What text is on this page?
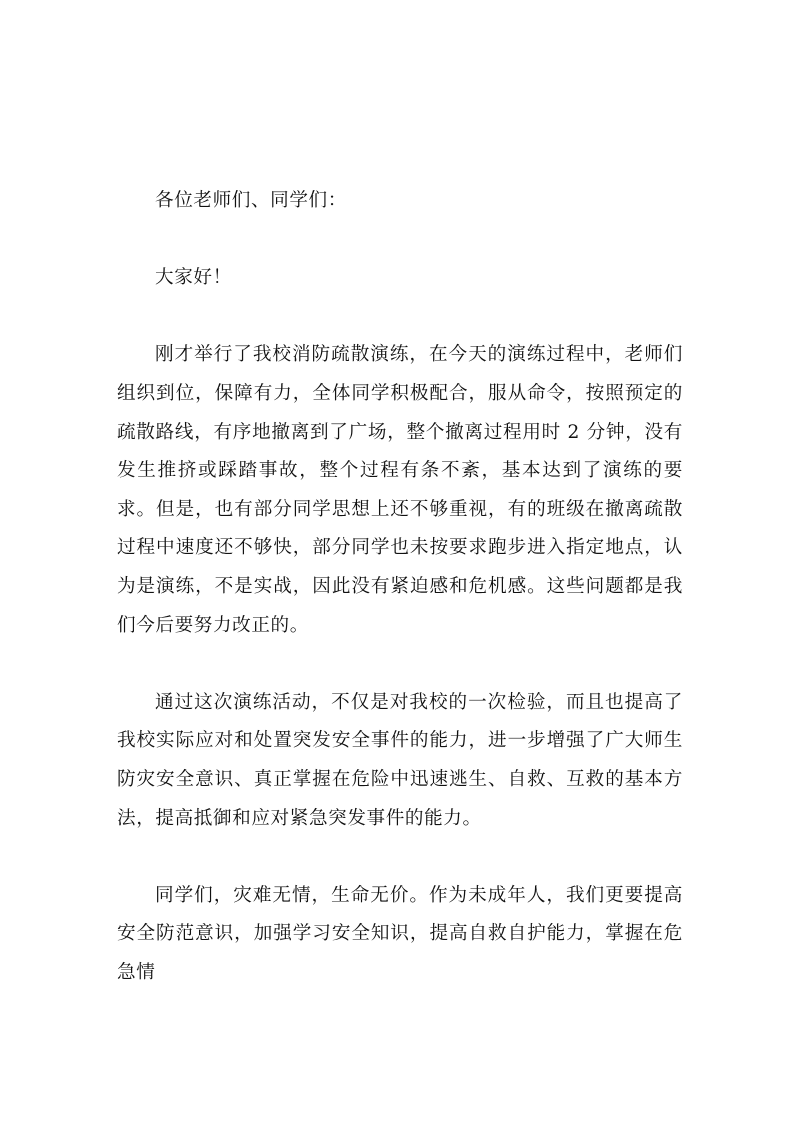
各位老师们、同学们：

大家好！

刚才举行了我校消防疏散演练，在今天的演练过程中，老师们组织到位，保障有力，全体同学积极配合，服从命令，按照预定的疏散路线，有序地撤离到了广场，整个撤离过程用时 2 分钟，没有发生推挤或踩踏事故，整个过程有条不紊，基本达到了演练的要求。但是，也有部分同学思想上还不够重视，有的班级在撤离疏散过程中速度还不够快，部分同学也未按要求跑步进入指定地点，认为是演练，不是实战，因此没有紧迫感和危机感。这些问题都是我们今后要努力改正的。

通过这次演练活动，不仅是对我校的一次检验，而且也提高了我校实际应对和处置突发安全事件的能力，进一步增强了广大师生防灾安全意识、真正掌握在危险中迅速逃生、自救、互救的基本方法，提高抵御和应对紧急突发事件的能力。

同学们，灾难无情，生命无价。作为未成年人，我们更要提高安全防范意识，加强学习安全知识，提高自救自护能力，掌握在危急情
